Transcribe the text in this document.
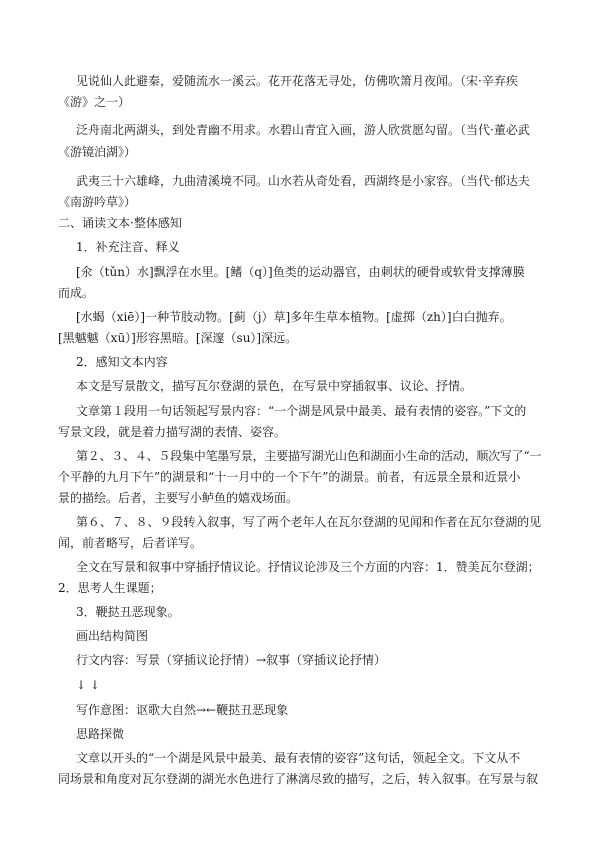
见说仙人此避秦，爱随流水一溪云。花开花落无寻处，仿佛吹箫月夜闻。（宋·辛弃疾
《游》之一）
泛舟南北两湖头，到处青幽不用求。水碧山青宜入画，游人欣赏愿勾留。（当代·董必武
《游镜泊湖》）
武夷三十六雄峰，九曲清溪境不同。山水若从奇处看，西湖终是小家容。（当代·郁达夫
《南游吟草》）
二、诵读文本·整体感知
1．补充注音、释义
[氽（tǔn）水]飘浮在水里。[鳍（q）]鱼类的运动器官，由刺状的硬骨或软骨支撑薄膜
而成。
[水蝎（xiē）]一种节肢动物。[蓟（j）草]多年生草本植物。[虚掷（zh）]白白抛弃。
[黑魆魆（xū）]形容黑暗。[深邃（su）]深远。
2．感知文本内容
本文是写景散文，描写瓦尔登湖的景色，在写景中穿插叙事、议论、抒情。
文章第１段用一句话领起写景内容：“一个湖是风景中最美、最有表情的姿容。”下文的
写景文段，就是着力描写湖的表情、姿容。
第２、３、４、５段集中笔墨写景，主要描写湖光山色和湖面小生命的活动，顺次写了“一
个平静的九月下午”的湖景和“十一月中的一个下午”的湖景。前者，有远景全景和近景小
景的描绘。后者，主要写小鲈鱼的嬉戏场面。
第６、７、８、９段转入叙事，写了两个老年人在瓦尔登湖的见闻和作者在瓦尔登湖的见
闻，前者略写，后者详写。
全文在写景和叙事中穿插抒情议论。抒情议论涉及三个方面的内容：1．赞美瓦尔登湖；
2．思考人生课题；
3．鞭挞丑恶现象。
画出结构简图
行文内容：写景（穿插议论抒情）→叙事（穿插议论抒情）
↓ ↓
写作意图：讴歌大自然→←鞭挞丑恶现象
思路探微
文章以开头的“一个湖是风景中最美、最有表情的姿容”这句话，领起全文。下文从不
同场景和角度对瓦尔登湖的湖光水色进行了淋漓尽致的描写，之后，转入叙事。在写景与叙
